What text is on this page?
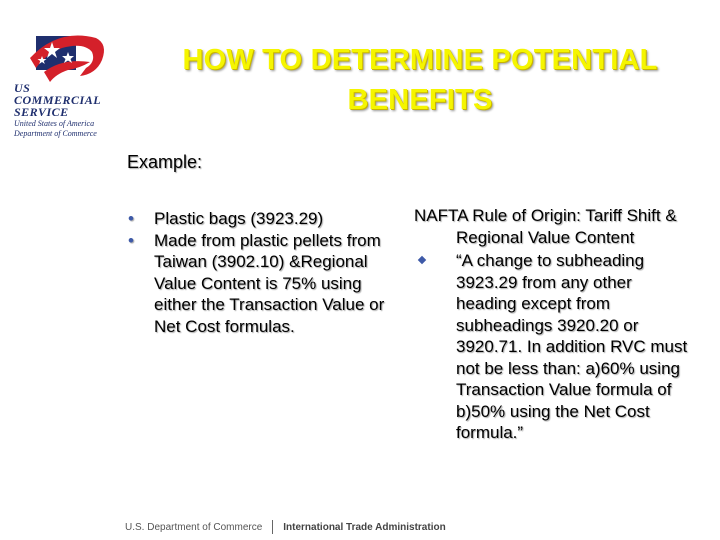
US
COMMERCIAL
SERVICE
United States of America
Department of Commerce
HOW TO DETERMINE POTENTIAL BENEFITS
Example:
• Plastic bags (3923.29)
• Made from plastic pellets from Taiwan (3902.10) &Regional Value Content is 75% using either the Transaction Value or Net Cost formulas.

NAFTA Rule of Origin: Tariff Shift & Regional Value Content

“A change to subheading 3923.29 from any other heading except from subheadings 3920.20 or 3920.71. In addition RVC must not be less than: a)60% using Transaction Value formula of b)50% using the Net Cost formula.”

U.S. Department of Commerce International Trade Administration
